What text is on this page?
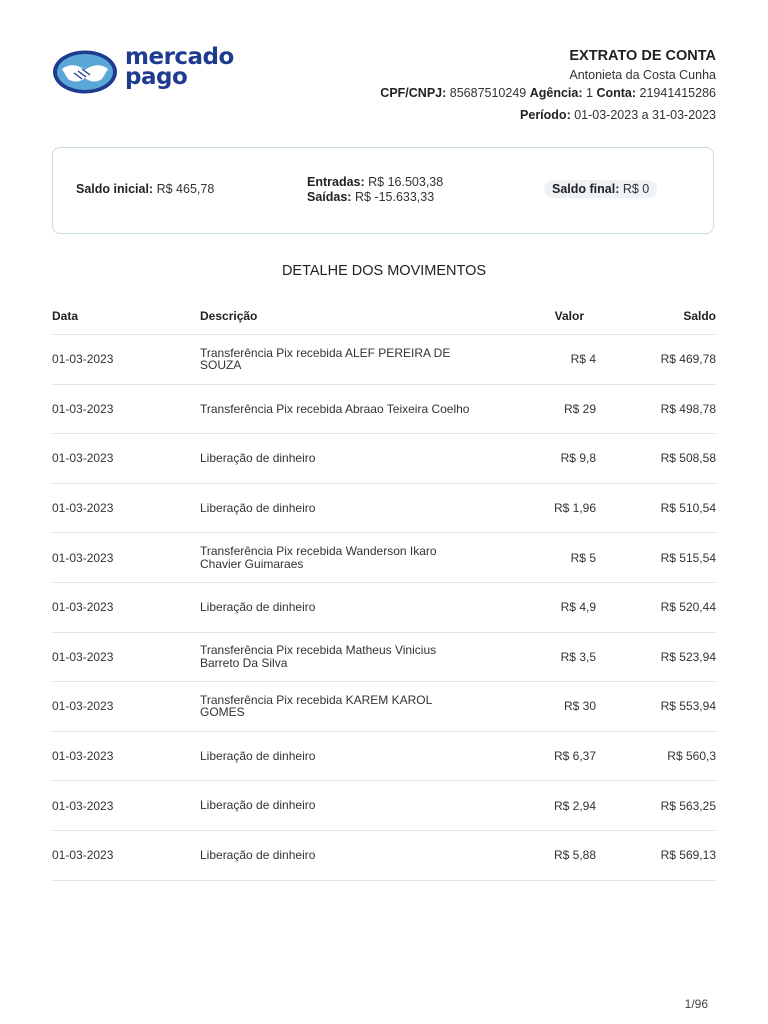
mercado
pago
EXTRATO DE CONTA
Antonieta da Costa Cunha
CPF/CNPJ: 85687510249 Agência: 1 Conta: 21941415286
Período: 01-03-2023 a 31-03-2023
Saldo inicial: R$ 465,78	Entradas: R$ 16.503,38
Saídas: R$ -15.633,33
Saldo final: R$ 0
DETALHE DOS MOVIMENTOS
Data	Descrição	Valor	Saldo
01-03-2023	Transferência Pix recebida ALEF PEREIRA DE SOUZA	R$ 4	R$ 469,78
01-03-2023	Transferência Pix recebida Abraao Teixeira Coelho	R$ 29	R$ 498,78
01-03-2023	Liberação de dinheiro	R$ 9,8	R$ 508,58
01-03-2023	Liberação de dinheiro	R$ 1,96	R$ 510,54
01-03-2023	Transferência Pix recebida Wanderson Ikaro Chavier Guimaraes	R$ 5	R$ 515,54
01-03-2023	Liberação de dinheiro	R$ 4,9	R$ 520,44
01-03-2023	Transferência Pix recebida Matheus Vinicius Barreto Da Silva	R$ 3,5	R$ 523,94
01-03-2023	Transferência Pix recebida KAREM KAROL GOMES	R$ 30	R$ 553,94
01-03-2023	Liberação de dinheiro	R$ 6,37	R$ 560,3
01-03-2023	Liberação de dinheiro	R$ 2,94	R$ 563,25
01-03-2023	Liberação de dinheiro	R$ 5,88	R$ 569,13
1/96
